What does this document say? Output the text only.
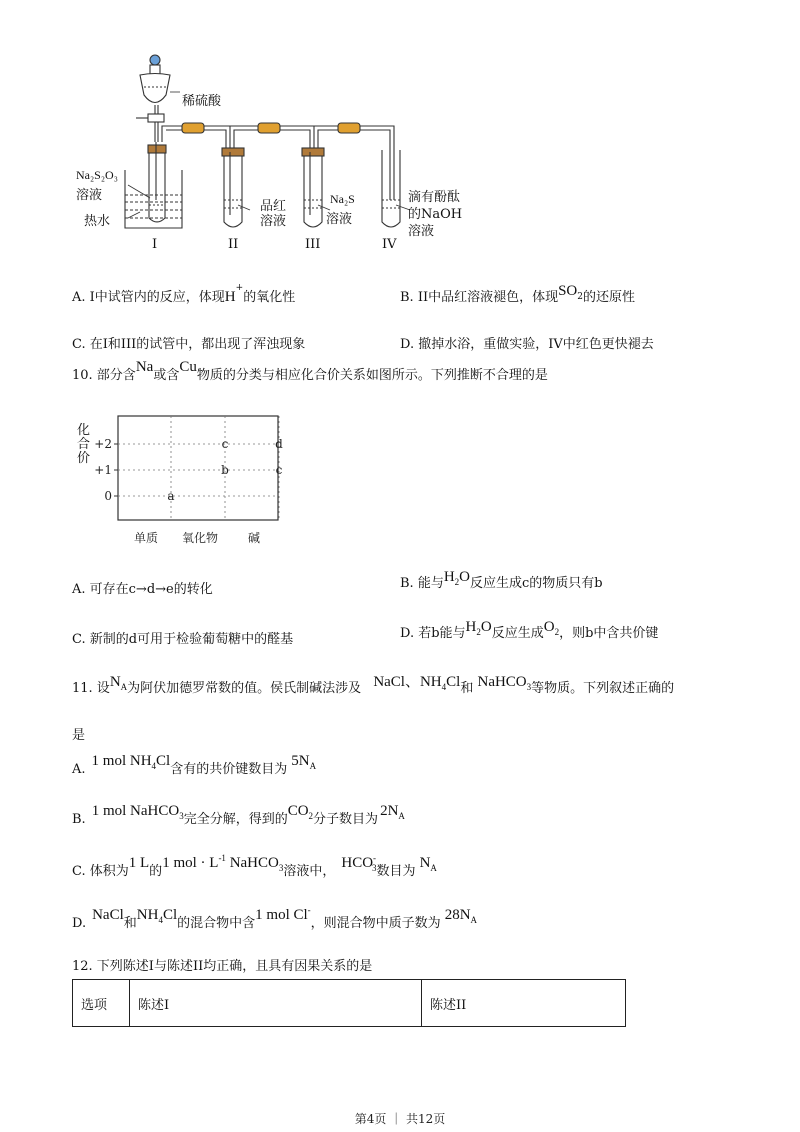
稀硫酸
Na₂S₂O₃
溶液
热水
品红
溶液
Na₂S
溶液
滴有酚酞
的NaOH
溶液
I	II	III	IV
A. I中试管内的反应，体现H+的氧化性	B. II中品红溶液褪色，体现$SO_2$的还原性
C. 在I和III的试管中，都出现了浑浊现象	D. 撤掉水浴，重做实验，IV中红色更快褪去
10. 部分含Na或含Cu物质的分类与相应化合价关系如图所示。下列推断不合理的是
化合价
单质 氧化物 碱
+2
+1
0	a
b
c
c
d
A. 可存在c→d→e的转化	B. 能与$H_2O$反应生成c的物质只有b
C. 新制的d可用于检验葡萄糖中的醛基	D. 若b能与$H_2O$反应生成$O_2$，则b中含共价键
11. 设$N_A$为阿伏加德罗常数的值。侯氏制碱法涉及 NaCl、$NH_4Cl$和 NaHCO$_3$等物质。下列叙述正确的
是
A.1 mol $NH_4Cl$含有的共价键数目为$5N_A$
B.1 mol NaHCO$_3$完全分解，得到的$CO_2$分子数目为$2N_A$
C. 体积为1 L的1 mol · $L^{-1}$ NaHCO$_3$溶液中，$HCO^-_3$数目为$N_A$
D.NaCl和$NH_4Cl$的混合物中含1 mol Cl-，则混合物中质子数为$28N_A$
12. 下列陈述I与陈述II均正确，且具有因果关系的是
选项	陈述I	陈述II
第4页 ｜ 共12页
